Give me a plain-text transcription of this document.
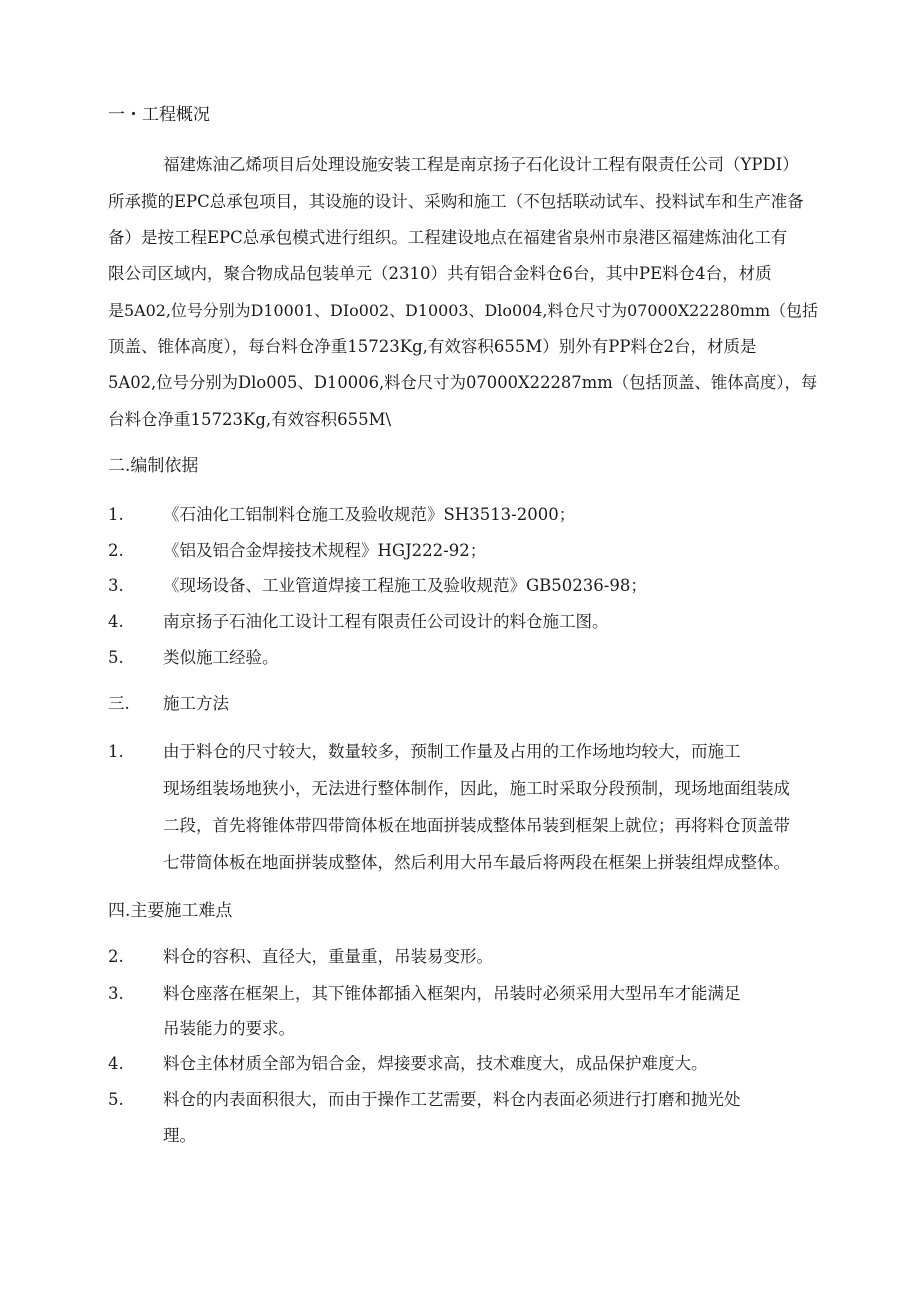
一・工程概况
福建炼油乙烯项目后处理设施安装工程是南京扬子石化设计工程有限责任公司（YPDI）
所承揽的EPC总承包项目，其设施的设计、采购和施工（不包括联动试车、投料试车和生产准备
备）是按工程EPC总承包模式进行组织。工程建设地点在福建省泉州市泉港区福建炼油化工有
限公司区域内，聚合物成品包装单元（2310）共有铝合金料仓6台，其中PE料仓4台，材质
是5A02,位号分别为D10001、DIo002、D10003、Dlo004,料仓尺寸为07000X22280mm（包括
顶盖、锥体高度），每台料仓净重15723Kg,有效容积655M）别外有PP料仓2台，材质是
5A02,位号分别为Dlo005、D10006,料仓尺寸为07000X22287mm（包括顶盖、锥体高度），每
台料仓净重15723Kg,有效容积655M\
二.编制依据
1.	《石油化工铝制料仓施工及验收规范》SH3513-2000；
2.	《铝及铝合金焊接技术规程》HGJ222-92；
3.	《现场设备、工业管道焊接工程施工及验收规范》GB50236-98；
4.	南京扬子石油化工设计工程有限责任公司设计的料仓施工图。
5.	类似施工经验。
三.	施工方法
1.	由于料仓的尺寸较大，数量较多，预制工作量及占用的工作场地均较大，而施工
现场组装场地狭小，无法进行整体制作，因此，施工时采取分段预制，现场地面组装成
二段，首先将锥体带四带筒体板在地面拼装成整体吊装到框架上就位；再将料仓顶盖带
七带筒体板在地面拼装成整体，然后利用大吊车最后将两段在框架上拼装组焊成整体。
四.主要施工难点
2.	料仓的容积、直径大，重量重，吊装易变形。
3.	料仓座落在框架上，其下锥体都插入框架内，吊装时必须采用大型吊车才能满足
吊装能力的要求。
4.	料仓主体材质全部为铝合金，焊接要求高，技术难度大，成品保护难度大。
5.	料仓的内表面积很大，而由于操作工艺需要，料仓内表面必须进行打磨和抛光处
理。
